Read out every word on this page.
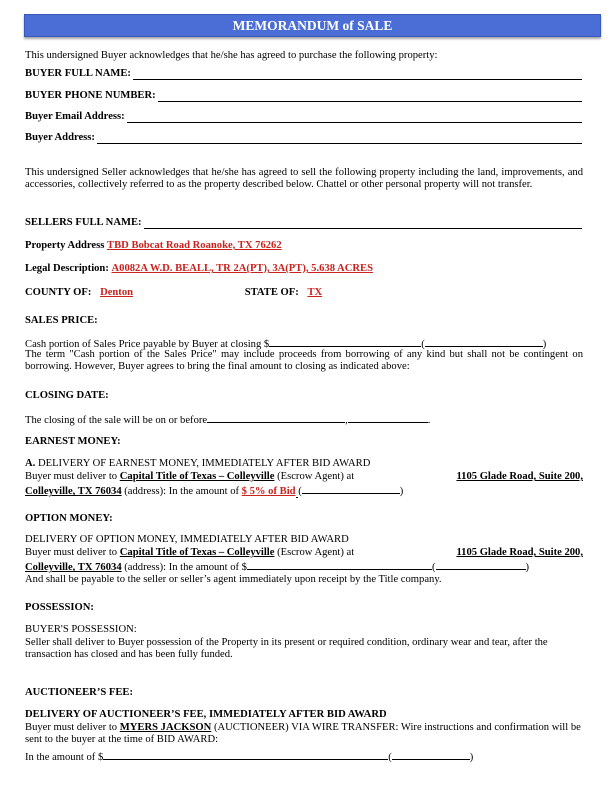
MEMORANDUM of SALE
This undersigned Buyer acknowledges that he/she has agreed to purchase the following property:
BUYER FULL NAME:
BUYER PHONE NUMBER:
Buyer Email Address:
Buyer Address:
This undersigned Seller acknowledges that he/she has agreed to sell the following property including the land, improvements, and accessories, collectively referred to as the property described below. Chattel or other personal property will not transfer.
SELLERS FULL NAME:
Property Address TBD Bobcat Road Roanoke, TX 76262
Legal Description: A0082A W.D. BEALL, TR 2A(PT), 3A(PT), 5.638 ACRES
COUNTY OF: Denton	STATE OF: TX
SALES PRICE:
Cash portion of Sales Price payable by Buyer at closing $	(	)
The term "Cash portion of the Sales Price" may include proceeds from borrowing of any kind but shall not be contingent on borrowing. However, Buyer agrees to bring the final amount to closing as indicated above:
CLOSING DATE:
The closing of the sale will be on or before	,	.
EARNEST MONEY:
A. DELIVERY OF EARNEST MONEY, IMMEDIATELY AFTER BID AWARD
Buyer must deliver to Capital Title of Texas – Colleyville (Escrow Agent) at	1105 Glade Road, Suite 200,

Colleyville, TX 76034 (address): In the amount of $ 5% of Bid (	)
OPTION MONEY:
DELIVERY OF OPTION MONEY, IMMEDIATELY AFTER BID AWARD
Buyer must deliver to Capital Title of Texas – Colleyville (Escrow Agent) at	1105 Glade Road, Suite 200,

Colleyville, TX 76034 (address): In the amount of $	(	)
And shall be payable to the seller or seller’s agent immediately upon receipt by the Title company.
POSSESSION:
BUYER'S POSSESSION:
Seller shall deliver to Buyer possession of the Property in its present or required condition, ordinary wear and tear, after the transaction has closed and has been fully funded.
AUCTIONEER’S FEE:
DELIVERY OF AUCTIONEER’S FEE, IMMEDIATELY AFTER BID AWARD
Buyer must deliver to MYERS JACKSON (AUCTIONEER) VIA WIRE TRANSFER: Wire instructions and confirmation will be sent to the buyer at the time of BID AWARD:
In the amount of $	(	)
